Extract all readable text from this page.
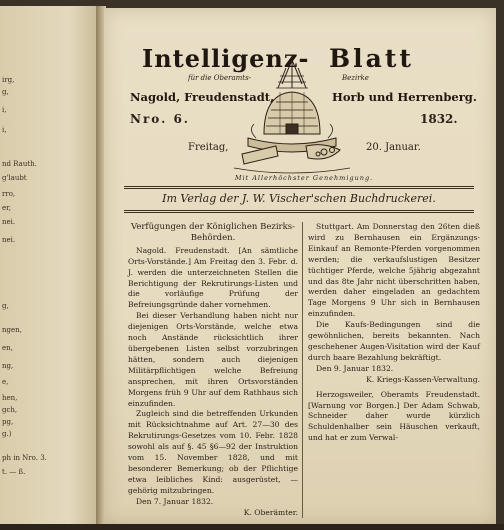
irg,
g,
i,
i,
nd Rauth.
g'laubt
rro,
er,
nei.
nei.
g,
ngen,
en,
ng,
e,
hen,
gch,
pg,
g.)
ph in Nro. 3.
t. — ß.
Intelligenz- Blatt
für die Oberamts-	Bezirke
Nagold, Freudenstadt,	Horb und Herrenberg.
Nro. 6.	1832.
Freitag,	20. Januar.
Mit Allerhöchster Genehmigung.
Im Verlag der J. W. Vischer'schen Buchdruckerei.

Verfügungen der Königlichen Bezirks-Behörden.

Nagold. Freudenstadt. [An sämtliche Orts-Vorstände.] Am Freitag den 3. Febr. d. J. werden die unterzeichneten Stellen die Berichtigung der Rekrutirungs-Listen und die vorläufige Prüfung der Befreiungsgründe daher vornehmen.

Bei dieser Verhandlung haben nicht nur diejenigen Orts-Vorstände, welche etwa noch Anstände rücksichtlich ihrer übergebenen Listen selbst vorzubringen hätten, sondern auch diejenigen Militärpflichtigen welche Befreiung ansprechen, mit ihren Ortsvorständen Morgens früh 9 Uhr auf dem Rathhaus sich einzufinden.

Zugleich sind die betreffenden Urkunden mit Rücksichtnahme auf Art. 27—30 des Rekrutirungs-Gesetzes vom 10. Febr. 1828 sowohl als auf §. 45 §6—92 der Instruktion vom 15. November 1828, und mit besonderer Bemerkung; ob der Pflichtige etwa leibliches Kind: ausgerüstet, — gehörig mitzubringen.

Den 7. Januar 1832.

K. Oberämter.

Stuttgart. Am Donnerstag den 26ten dieß wird zu Bernhausen ein Ergänzungs-Einkauf an Remonte-Pferden vorgenommen werden; die verkaufslustigen Besitzer tüchtiger Pferde, welche 5jährig abgezahnt und das 8te Jahr nicht überschritten haben, werden daher eingeladen an gedachtem Tage Morgens 9 Uhr sich in Bernhausen einzufinden.

Die Kaufs-Bedingungen sind die gewöhnlichen, bereits bekannten. Nach geschehener Augen-Visitation wird der Kauf durch baare Bezahlung bekräftigt.

Den 9. Januar 1832.

K. Kriegs-Kassen-Verwaltung.

Herzogsweiler, Oberamts Freudenstadt. [Warnung vor Borgen.] Der Adam Schwab, Schneider daher wurde kürzlich Schuldenhalber sein Häuschen verkauft, und hat er zum Verwal-
